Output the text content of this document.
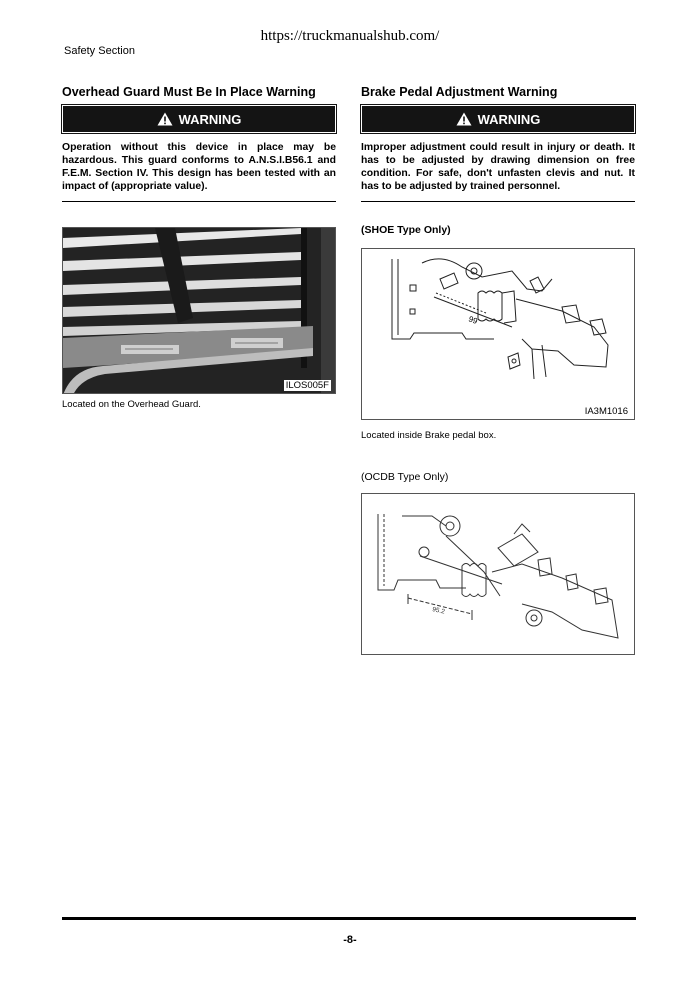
https://truckmanualshub.com/
Safety Section
Overhead Guard Must Be In Place Warning
WARNING
Operation without this device in place may be hazardous. This guard conforms to A.N.S.I.B56.1 and F.E.M. Section IV. This design has been tested with an impact of (appropriate value).
ILOS005F
Located on the Overhead Guard.
Brake Pedal Adjustment Warning
WARNING
Improper adjustment could result in injury or death. It has to be adjusted by drawing dimension on free condition. For safe, don't unfasten clevis and nut. It has to be adjusted by trained personnel.
(SHOE Type Only)
99
IA3M1016
Located inside Brake pedal box.
(OCDB Type Only)
95.2
-8-
